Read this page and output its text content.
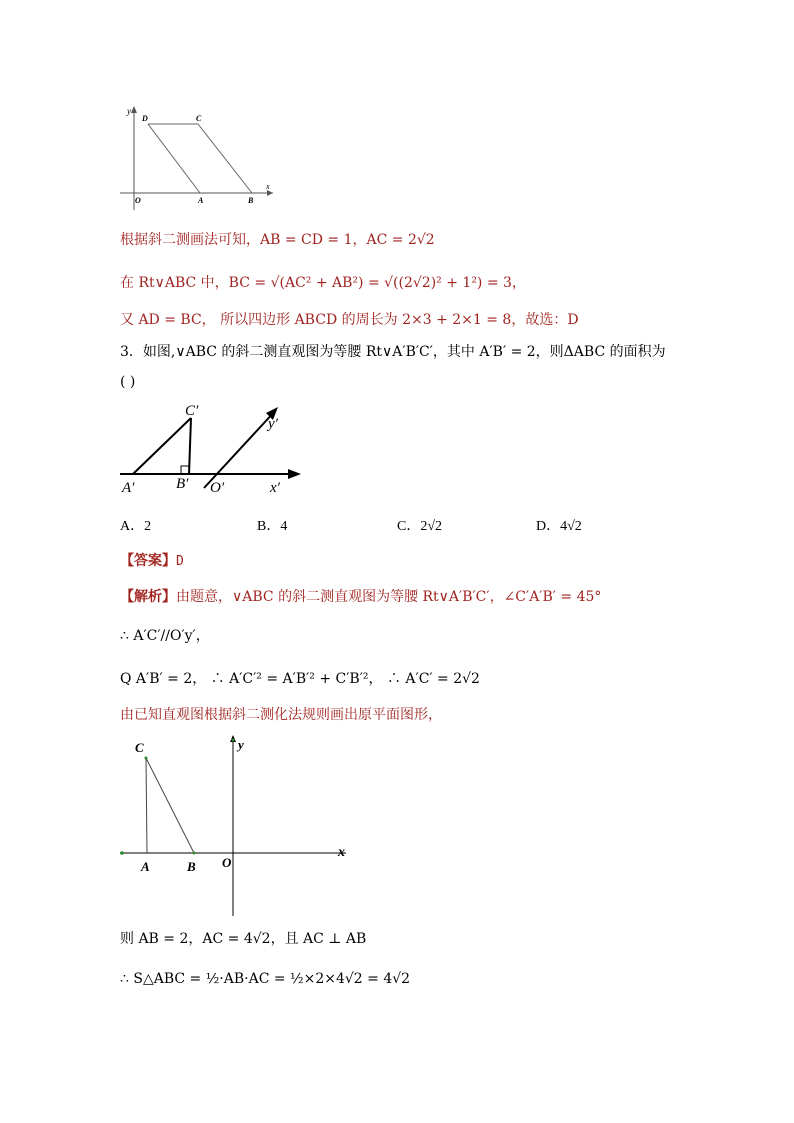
y
x
D	C
O	A	B
根据斜二测画法可知，AB = CD = 1，AC = 2√2
在 Rt∨ABC 中，BC = √(AC² + AB²) = √((2√2)² + 1²) = 3，
又 AD = BC， 所以四边形 ABCD 的周长为 2×3 + 2×1 = 8，故选：D
3．如图,∨ABC 的斜二测直观图为等腰 Rt∨A′B′C′，其中 A′B′ = 2，则ΔABC 的面积为
( )
C′
y′
A′	B′ O′	x′
A．2	B．4	C．2√2	D．4√2
【答案】D
【解析】由题意，∨ABC 的斜二测直观图为等腰 Rt∨A′B′C′，∠C′A′B′ = 45°
∴ A′C′//O′y′，
Q A′B′ = 2， ∴ A′C′² = A′B′² + C′B′²， ∴ A′C′ = 2√2
由已知直观图根据斜二测化法规则画出原平面图形，
C	y
A	B O
x
则 AB = 2，AC = 4√2，且 AC ⊥ AB
∴ S△ABC = ½·AB·AC = ½×2×4√2 = 4√2
